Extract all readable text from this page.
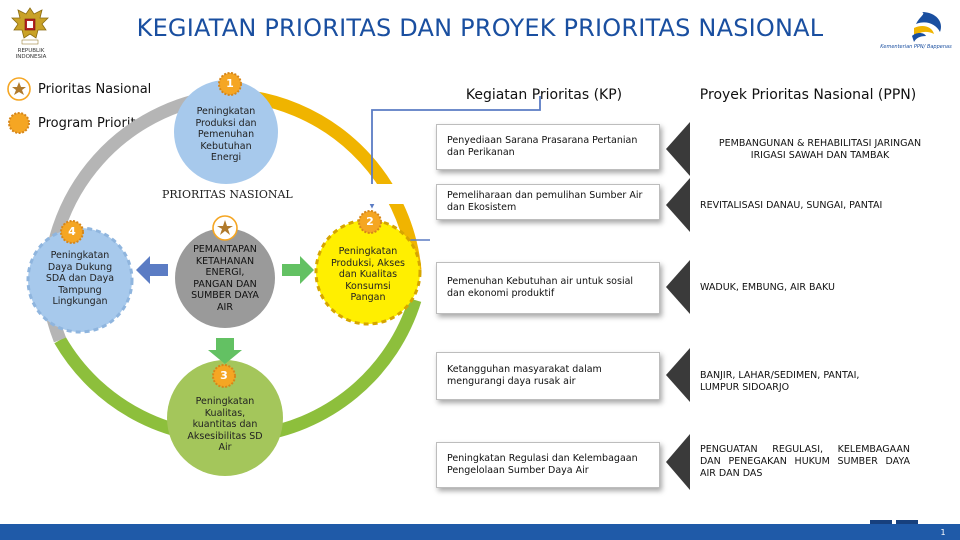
REPUBLIK INDONESIA
KEGIATAN PRIORITAS DAN PROYEK PRIORITAS NASIONAL
Kementerian PPN/ Bappenas
Prioritas Nasional
Program Prioritas
1
2
3
4
PRIORITAS NASIONAL
Peningkatan Produksi dan Pemenuhan Kebutuhan Energi
Peningkatan Produksi, Akses dan Kualitas Konsumsi Pangan
Peningkatan Kualitas, kuantitas dan Aksesibilitas SD Air
Peningkatan Daya Dukung SDA dan Daya Tampung Lingkungan
PEMANTAPAN KETAHANAN ENERGI, PANGAN DAN SUMBER DAYA AIR
Kegiatan Prioritas (KP)	Proyek Prioritas Nasional (PPN)
Penyediaan Sarana Prasarana Pertanian dan Perikanan
Pemeliharaan dan pemulihan Sumber Air dan Ekosistem
Pemenuhan Kebutuhan air untuk sosial dan ekonomi produktif
Ketangguhan masyarakat dalam mengurangi daya rusak air
Peningkatan Regulasi dan Kelembagaan Pengelolaan Sumber Daya Air
PEMBANGUNAN & REHABILITASI JARINGAN IRIGASI SAWAH DAN TAMBAK
REVITALISASI DANAU, SUNGAI, PANTAI
WADUK, EMBUNG, AIR BAKU
BANJIR, LAHAR/SEDIMEN, PANTAI, LUMPUR SIDOARJO
PENGUATAN REGULASI, KELEMBAGAAN DAN PENEGAKAN HUKUM SUMBER DAYA AIR DAN DAS
1
